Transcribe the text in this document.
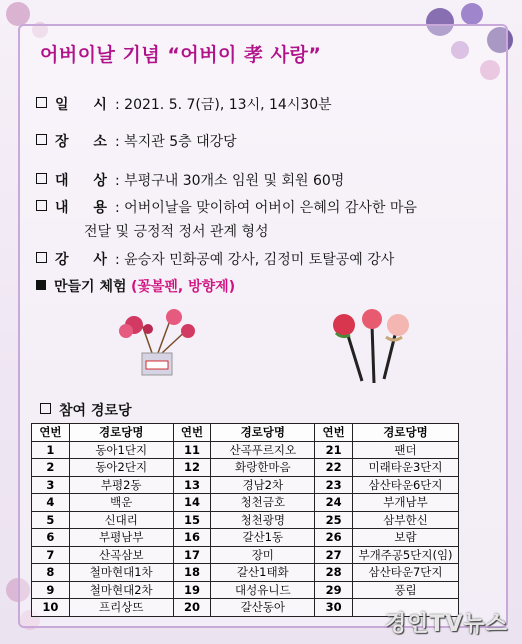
어버이날 기념 “어버이 孝 사랑”
일 시: 2021. 5. 7(금), 13시, 14시30분
장 소: 복지관 5층 대강당
대 상: 부평구내 30개소 임원 및 회원 60명
내 용: 어버이날을 맞이하여 어버이 은혜의 감사한 마음
전달 및 긍정적 정서 관계 형성
강 사: 윤승자 민화공예 강사, 김정미 토탈공예 강사
만들기 체험 (꽃볼펜, 방향제)
참여 경로당
연번	경로당명	연번	경로당명	연번	경로당명
1	동아1단지	11	산곡푸르지오	21	팬더
2	동아2단지	12	화랑한마음	22	미래타운3단지
3	부평2동	13	경남2차	23	삼산타운6단지
4	백운	14	청천금호	24	부개남부
5	신대리	15	청천광명	25	삼부한신
6	부평남부	16	갈산1동	26	보람
7	산곡삼보	17	장미	27	부개주공5단지(임)
8	철마현대1차	18	갈산1태화	28	삼산타운7단지
9	철마현대2차	19	대성유니드	29	풍림
10	프리상뜨	20	갈산동아	30	
경인TV뉴스
